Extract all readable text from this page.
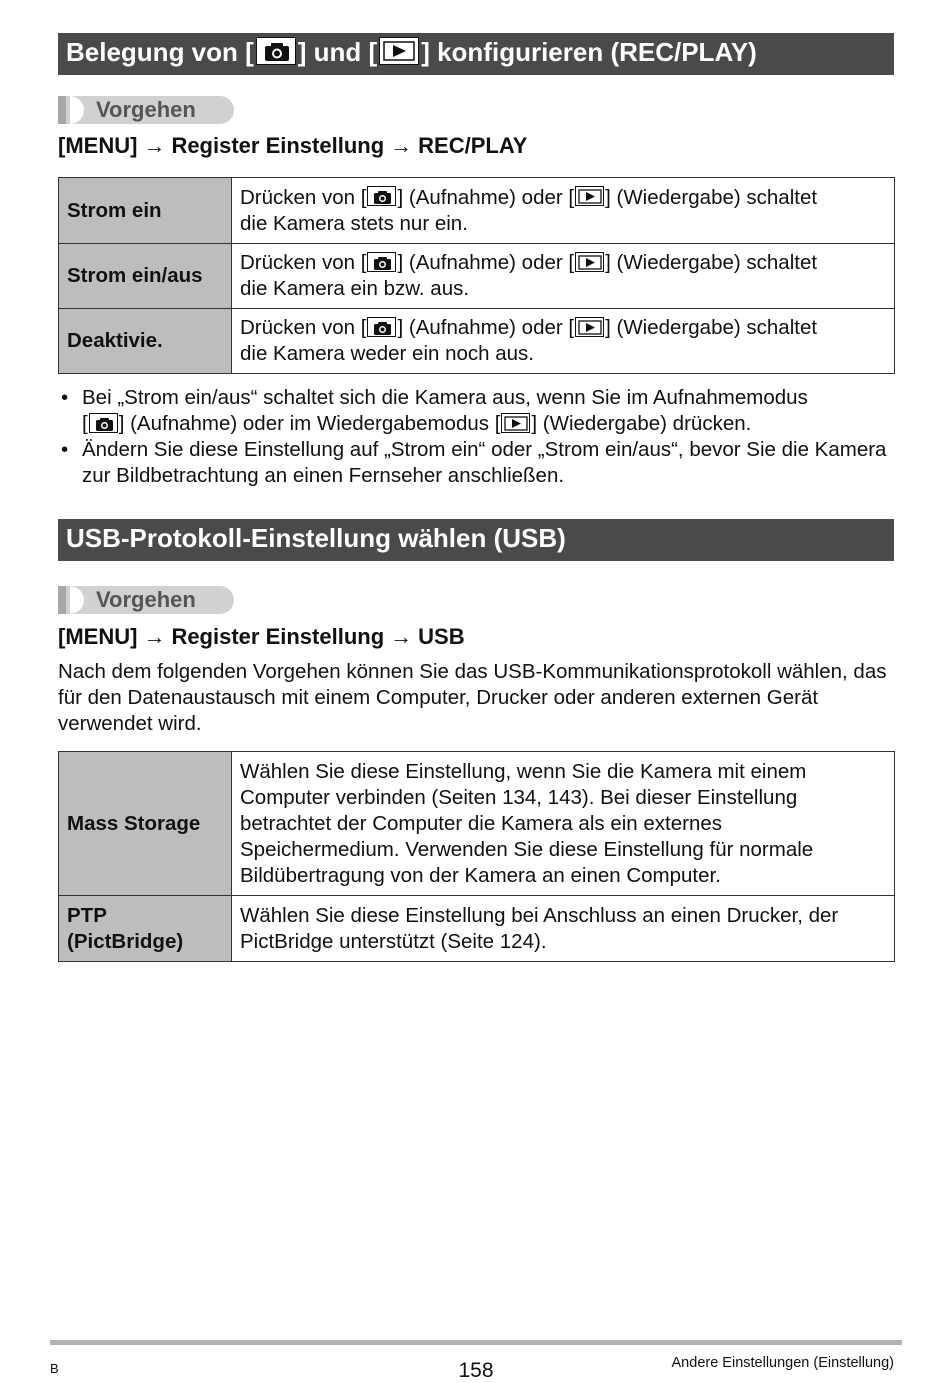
Belegung von [ ] und [ ] konfigurieren (REC/PLAY)
Vorgehen
[MENU] → Register Einstellung → REC/PLAY
Strom ein	Drücken von [ ] (Aufnahme) oder [ ] (Wiedergabe) schaltet
die Kamera stets nur ein.
Strom ein/aus	Drücken von [ ] (Aufnahme) oder [ ] (Wiedergabe) schaltet
die Kamera ein bzw. aus.
Deaktivie.	Drücken von [ ] (Aufnahme) oder [ ] (Wiedergabe) schaltet
die Kamera weder ein noch aus.
• Bei „Strom ein/aus“ schaltet sich die Kamera aus, wenn Sie im Aufnahmemodus
[ ] (Aufnahme) oder im Wiedergabemodus [ ] (Wiedergabe) drücken.
• Ändern Sie diese Einstellung auf „Strom ein“ oder „Strom ein/aus“, bevor Sie die Kamera zur Bildbetrachtung an einen Fernseher anschließen.
USB-Protokoll-Einstellung wählen (USB)
Vorgehen
[MENU] → Register Einstellung → USB

Nach dem folgenden Vorgehen können Sie das USB-Kommunikationsprotokoll wählen, das für den Datenaustausch mit einem Computer, Drucker oder anderen externen Gerät verwendet wird.

Mass Storage	Wählen Sie diese Einstellung, wenn Sie die Kamera mit einem Computer verbinden (Seiten 134, 143). Bei dieser Einstellung betrachtet der Computer die Kamera als ein externes Speichermedium. Verwenden Sie diese Einstellung für normale Bildübertragung von der Kamera an einen Computer.
PTP
(PictBridge)	Wählen Sie diese Einstellung bei Anschluss an einen Drucker, der PictBridge unterstützt (Seite 124).
B	158	Andere Einstellungen (Einstellung)
